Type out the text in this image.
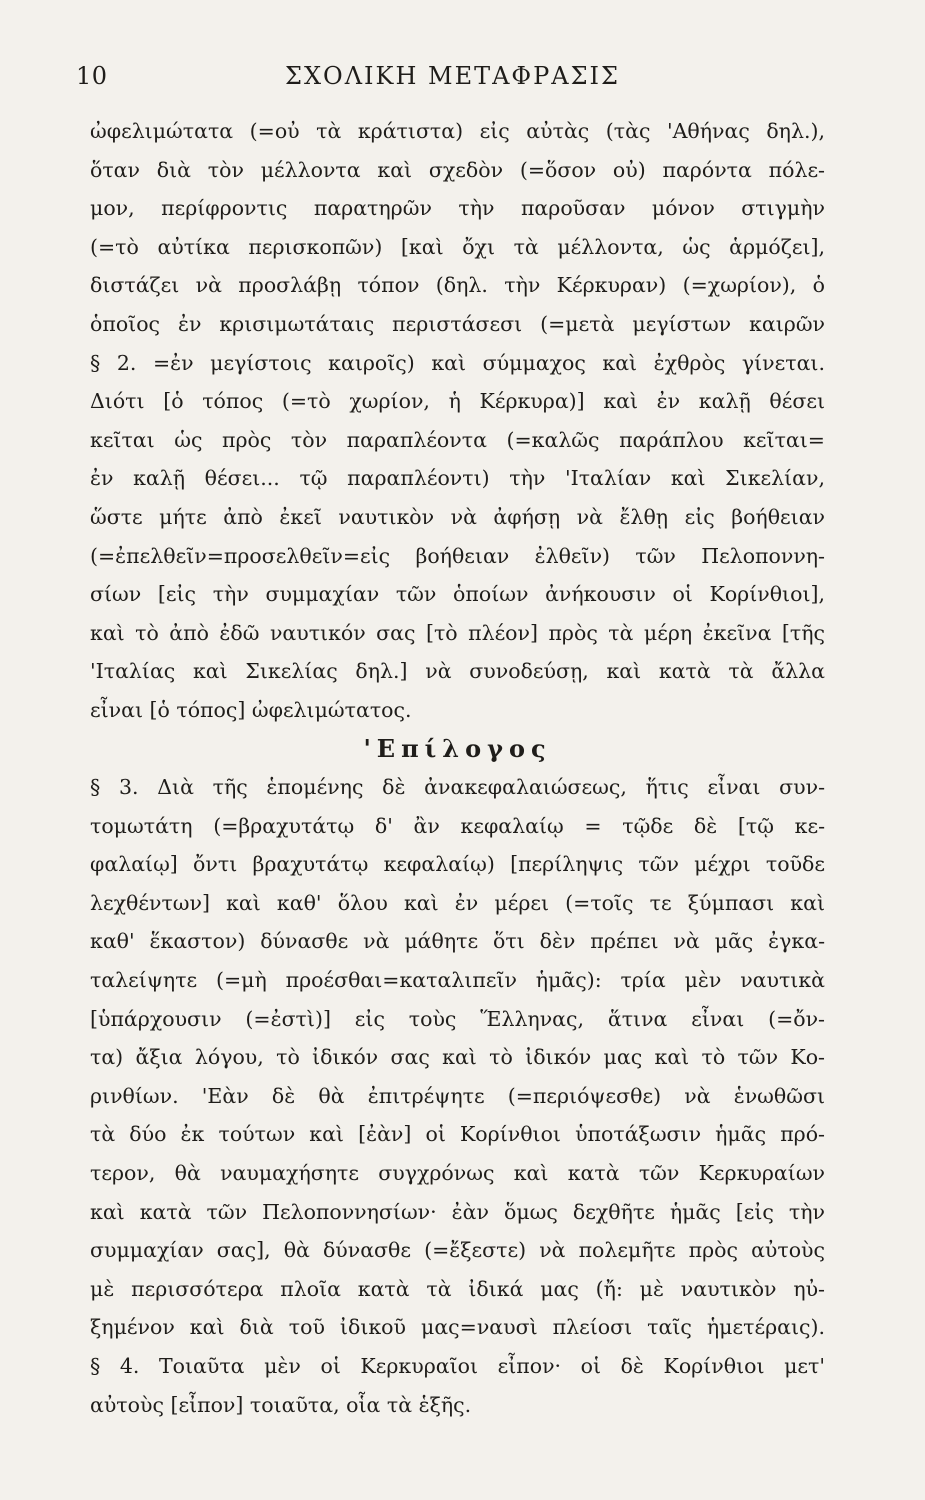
10	ΣΧΟΛΙΚΗ ΜΕΤΑΦΡΑΣΙΣ
ὠφελιμώτατα (=οὐ τὰ κράτιστα) εἰς αὐτὰς (τὰς 'Αθήνας δηλ.),
ὅταν διὰ τὸν μέλλοντα καὶ σχεδὸν (=ὅσον οὐ) παρόντα πόλε-
μον, περίφροντις παρατηρῶν τὴν παροῦσαν μόνον στιγμὴν
(=τὸ αὐτίκα περισκοπῶν) [καὶ ὄχι τὰ μέλλοντα, ὡς ἁρμόζει],
διστάζει νὰ προσλάβῃ τόπον (δηλ. τὴν Κέρκυραν) (=χωρίον), ὁ
ὁποῖος ἐν κρισιμωτάταις περιστάσεσι (=μετὰ μεγίστων καιρῶν
§ 2. =ἐν μεγίστοις καιροῖς) καὶ σύμμαχος καὶ ἐχθρὸς γίνεται.
Διότι [ὁ τόπος (=τὸ χωρίον, ἡ Κέρκυρα)] καὶ ἐν καλῇ θέσει
κεῖται ὡς πρὸς τὸν παραπλέοντα (=καλῶς παράπλου κεῖται=
ἐν καλῇ θέσει... τῷ παραπλέοντι) τὴν 'Ιταλίαν καὶ Σικελίαν,
ὥστε μήτε ἀπὸ ἐκεῖ ναυτικὸν νὰ ἀφήσῃ νὰ ἔλθῃ εἰς βοήθειαν
(=ἐπελθεῖν=προσελθεῖν=εἰς βοήθειαν ἐλθεῖν) τῶν Πελοποννη-
σίων [εἰς τὴν συμμαχίαν τῶν ὁποίων ἀνήκουσιν οἱ Κορίνθιοι],
καὶ τὸ ἀπὸ ἐδῶ ναυτικόν σας [τὸ πλέον] πρὸς τὰ μέρη ἐκεῖνα [τῆς
'Ιταλίας καὶ Σικελίας δηλ.] νὰ συνοδεύσῃ, καὶ κατὰ τὰ ἄλλα
εἶναι [ὁ τόπος] ὠφελιμώτατος.
'Επίλογος
§ 3. Διὰ τῆς ἑπομένης δὲ ἀνακεφαλαιώσεως, ἥτις εἶναι συν-
τομωτάτη (=βραχυτάτῳ δ' ἂν κεφαλαίῳ = τῷδε δὲ [τῷ κε-
φαλαίῳ] ὄντι βραχυτάτῳ κεφαλαίῳ) [περίληψις τῶν μέχρι τοῦδε
λεχθέντων] καὶ καθ' ὅλου καὶ ἐν μέρει (=τοῖς τε ξύμπασι καὶ
καθ' ἕκαστον) δύνασθε νὰ μάθητε ὅτι δὲν πρέπει νὰ μᾶς ἐγκα-
ταλείψητε (=μὴ προέσθαι=καταλιπεῖν ἡμᾶς): τρία μὲν ναυτικὰ
[ὑπάρχουσιν (=ἐστὶ)] εἰς τοὺς Ἕλληνας, ἅτινα εἶναι (=ὄν-
τα) ἄξια λόγου, τὸ ἰδικόν σας καὶ τὸ ἰδικόν μας καὶ τὸ τῶν Κο-
ρινθίων. 'Εὰν δὲ θὰ ἐπιτρέψητε (=περιόψεσθε) νὰ ἑνωθῶσι
τὰ δύο ἐκ τούτων καὶ [ἐὰν] οἱ Κορίνθιοι ὑποτάξωσιν ἡμᾶς πρό-
τερον, θὰ ναυμαχήσητε συγχρόνως καὶ κατὰ τῶν Κερκυραίων
καὶ κατὰ τῶν Πελοποννησίων· ἐὰν ὅμως δεχθῆτε ἡμᾶς [εἰς τὴν
συμμαχίαν σας], θὰ δύνασθε (=ἔξεστε) νὰ πολεμῆτε πρὸς αὐτοὺς
μὲ περισσότερα πλοῖα κατὰ τὰ ἰδικά μας (ἤ: μὲ ναυτικὸν ηὐ-
ξημένον καὶ διὰ τοῦ ἰδικοῦ μας=ναυσὶ πλείοσι ταῖς ἡμετέραις).
§ 4. Τοιαῦτα μὲν οἱ Κερκυραῖοι εἶπον· οἱ δὲ Κορίνθιοι μετ'
αὐτοὺς [εἶπον] τοιαῦτα, οἷα τὰ ἑξῆς.
